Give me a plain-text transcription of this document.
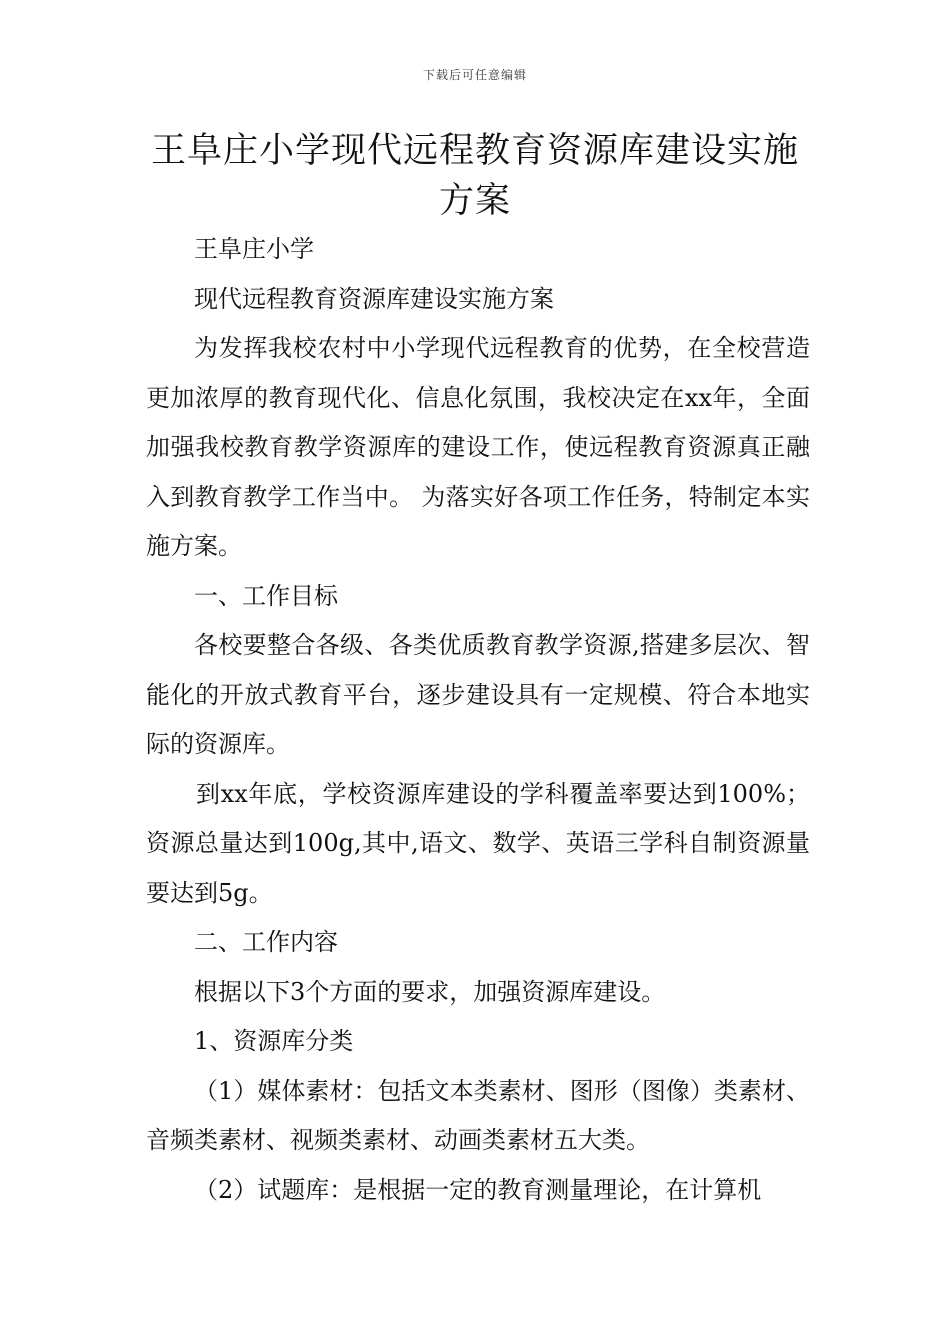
下载后可任意编辑
王阜庄小学现代远程教育资源库建设实施
方案

王阜庄小学

现代远程教育资源库建设实施方案

为发挥我校农村中小学现代远程教育的优势，在全校营造更加浓厚的教育现代化、信息化氛围，我校决定在xx年，全面加强我校教育教学资源库的建设工作，使远程教育资源真正融入到教育教学工作当中。 为落实好各项工作任务，特制定本实施方案。

一、工作目标

各校要整合各级、各类优质教育教学资源,搭建多层次、智能化的开放式教育平台，逐步建设具有一定规模、符合本地实际的资源库。

到xx年底，学校资源库建设的学科覆盖率要达到100%；资源总量达到100g,其中,语文、数学、英语三学科自制资源量要达到5g。

二、工作内容

根据以下3个方面的要求，加强资源库建设。

1、资源库分类

（1）媒体素材：包括文本类素材、图形（图像）类素材、音频类素材、视频类素材、动画类素材五大类。

（2）试题库：是根据一定的教育测量理论，在计算机
